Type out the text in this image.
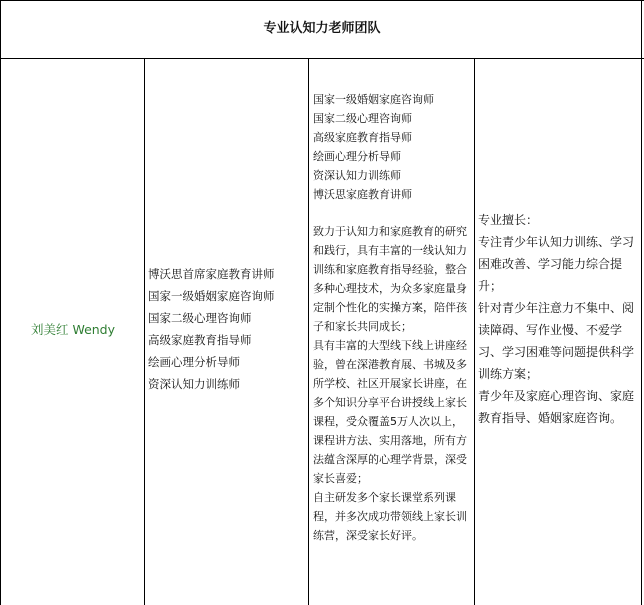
专业认知力老师团队
刘美红 Wendy
博沃思首席家庭教育讲师
国家一级婚姻家庭咨询师
国家二级心理咨询师
高级家庭教育指导师
绘画心理分析导师
资深认知力训练师
国家一级婚姻家庭咨询师
国家二级心理咨询师
高级家庭教育指导师
绘画心理分析导师
资深认知力训练师
博沃思家庭教育讲师

致力于认知力和家庭教育的研究和践行，具有丰富的一线认知力训练和家庭教育指导经验，整合多种心理技术，为众多家庭量身定制个性化的实操方案，陪伴孩子和家长共同成长；

具有丰富的大型线下线上讲座经验，曾在深港教育展、书城及多所学校、社区开展家长讲座，在多个知识分享平台讲授线上家长课程，受众覆盖5万人次以上，课程讲方法、实用落地，所有方法蕴含深厚的心理学背景，深受家长喜爱；

自主研发多个家长课堂系列课程，并多次成功带领线上家长训练营，深受家长好评。

专业擅长：

专注青少年认知力训练、学习困难改善、学习能力综合提升；

针对青少年注意力不集中、阅读障碍、写作业慢、不爱学习、学习困难等问题提供科学训练方案；

青少年及家庭心理咨询、家庭教育指导、婚姻家庭咨询。
